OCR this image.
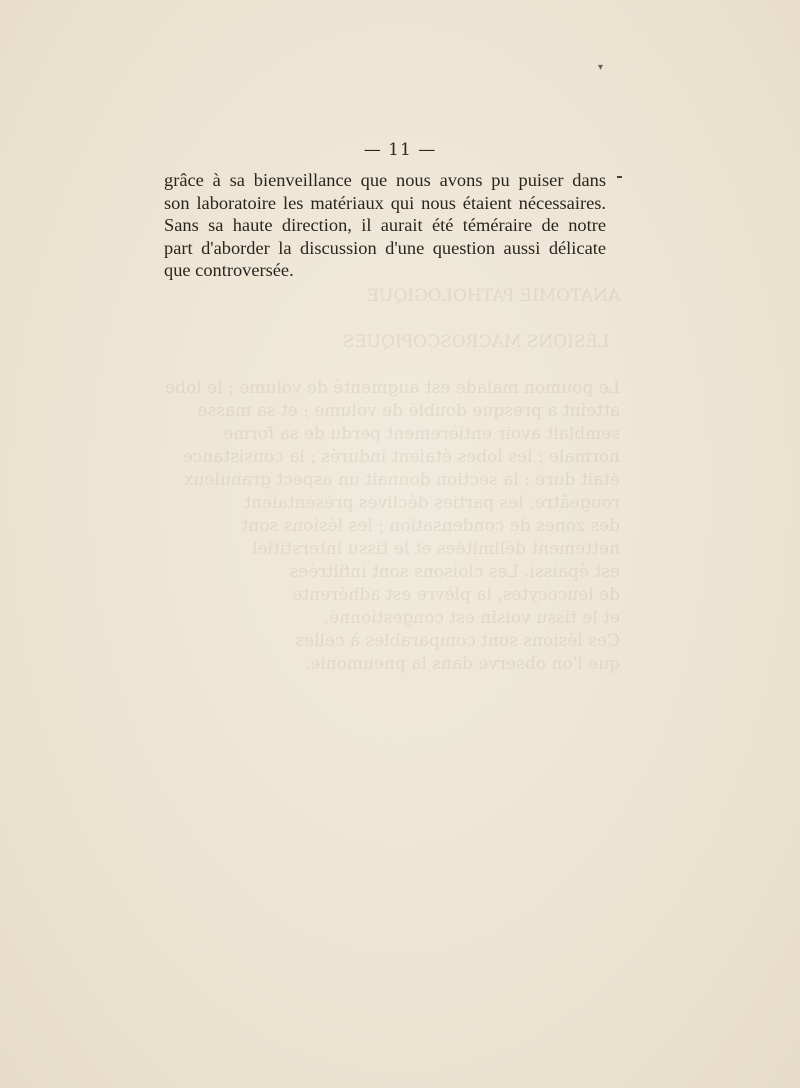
ANATOMIE PATHOLOGIQUE

LÉSIONS MACROSCOPIQUES

Le poumon malade est augmenté de volume ; le lobe
atteint a presque doublé de volume ; et sa masse
semblait avoir entièrement perdu de sa forme
normale ; les lobes étaient indurés ; la consistance
était dure ; la section donnait un aspect granuleux
rougeâtre, les parties déclives présentaient
des zones de condensation ; les lésions sont
nettement délimitées et le tissu interstitiel
est épaissi. Les cloisons sont infiltrées
de leucocytes, la plèvre est adhérente
et le tissu voisin est congestionné.
Ces lésions sont comparables à celles
que l'on observe dans la pneumonie.
▾
— 11 —
grâce à sa bienveillance que nous avons pu puiser dans
son laboratoire les matériaux qui nous étaient nécessaires.
Sans sa haute direction, il aurait été téméraire de notre
part d'aborder la discussion d'une question aussi délicate
que controversée.
